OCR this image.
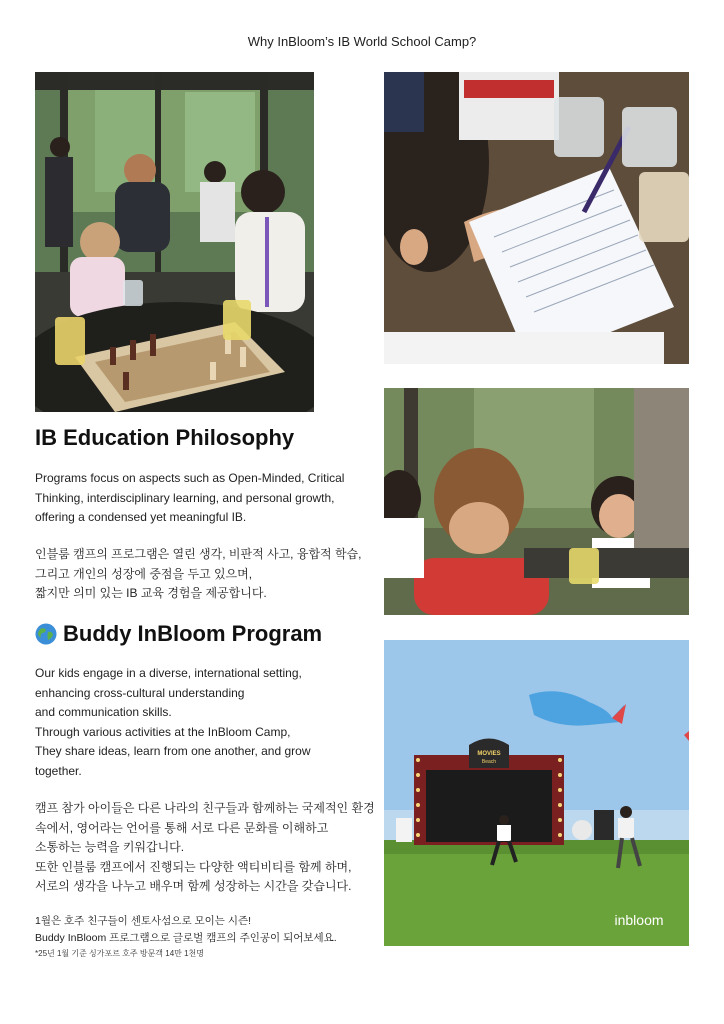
Why InBloom’s IB World School Camp?
MOVIES
Beach
inbloom
IB Education Philosophy
Programs focus on aspects such as Open-Minded, Critical
Thinking, interdisciplinary learning, and personal growth,
offering a condensed yet meaningful IB.
인블룸 캠프의 프로그램은 열린 생각, 비판적 사고, 융합적 학습,
그리고 개인의 성장에 중점을 두고 있으며,
짧지만 의미 있는 IB 교육 경험을 제공합니다.
Buddy InBloom Program
Our kids engage in a diverse, international setting,
enhancing cross-cultural understanding
and communication skills.
Through various activities at the InBloom Camp,
They share ideas, learn from one another, and grow
together.
캠프 참가 아이들은 다른 나라의 친구들과 함께하는 국제적인 환경
속에서, 영어라는 언어를 통해 서로 다른 문화를 이해하고
소통하는 능력을 키워갑니다.
또한 인블룸 캠프에서 진행되는 다양한 액티비티를 함께 하며,
서로의 생각을 나누고 배우며 함께 성장하는 시간을 갖습니다.
1월은 호주 친구들이 센토사섬으로 모이는 시즌!
Buddy InBloom 프로그램으로 글로벌 캠프의 주인공이 되어보세요.
*25년 1월 기준 싱가포르 호주 방문객 14만 1천명
